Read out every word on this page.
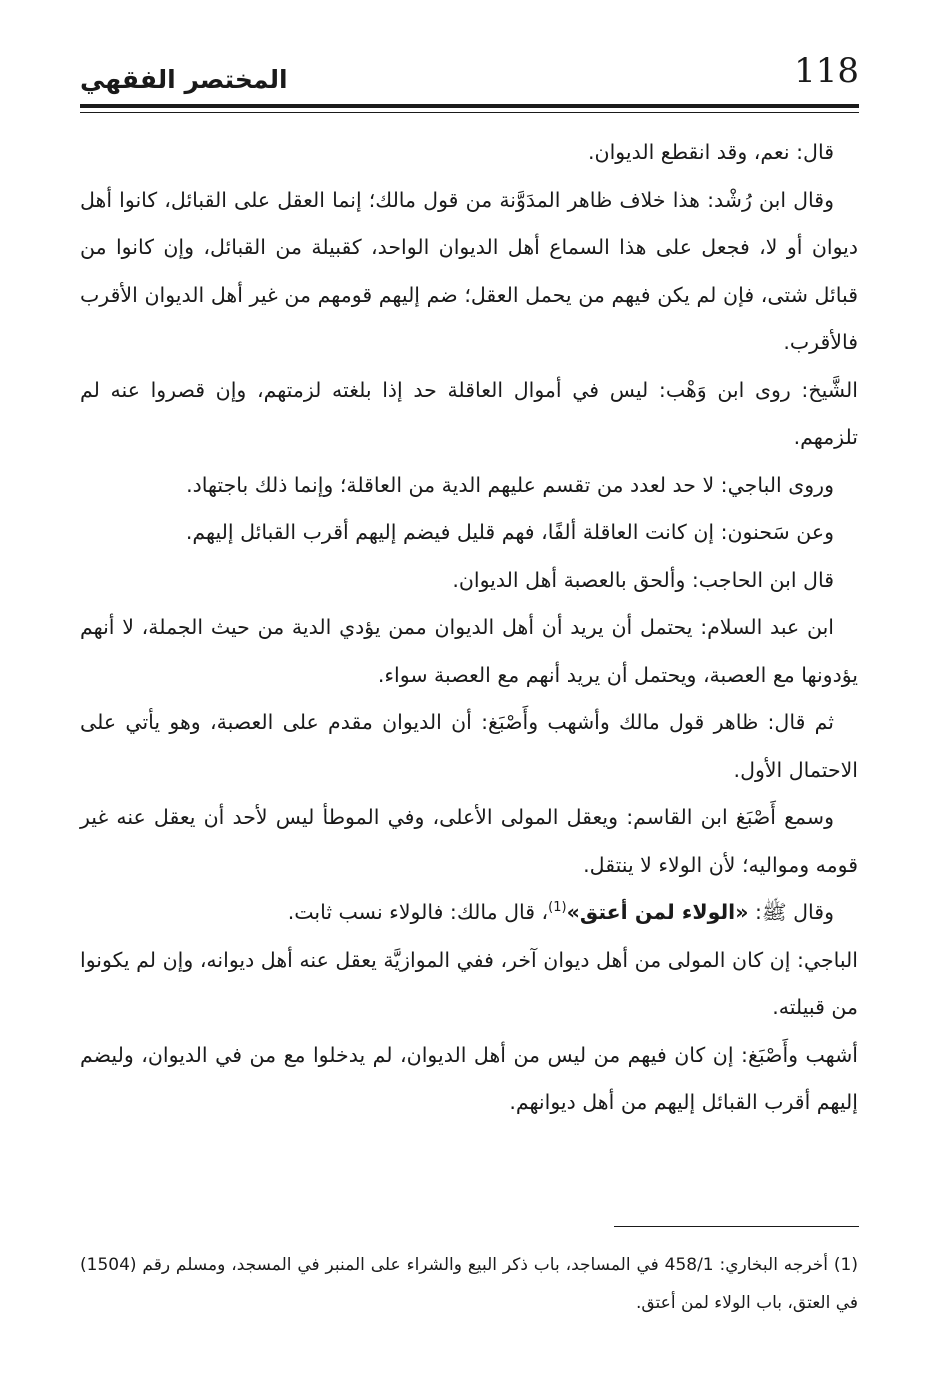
118
المختصر الفقهي

قال: نعم، وقد انقطع الديوان.

وقال ابن رُشْد: هذا خلاف ظاهر المدَوَّنة من قول مالك؛ إنما العقل على القبائل، كانوا أهل ديوان أو لا، فجعل على هذا السماع أهل الديوان الواحد، كقبيلة من القبائل، وإن كانوا من قبائل شتى، فإن لم يكن فيهم من يحمل العقل؛ ضم إليهم قومهم من غير أهل الديوان الأقرب فالأقرب.

الشَّيخ: روى ابن وَهْب: ليس في أموال العاقلة حد إذا بلغته لزمتهم، وإن قصروا عنه لم تلزمهم.

وروى الباجي: لا حد لعدد من تقسم عليهم الدية من العاقلة؛ وإنما ذلك باجتهاد.

وعن سَحنون: إن كانت العاقلة ألفًا، فهم قليل فيضم إليهم أقرب القبائل إليهم.

قال ابن الحاجب: وألحق بالعصبة أهل الديوان.

ابن عبد السلام: يحتمل أن يريد أن أهل الديوان ممن يؤدي الدية من حيث الجملة، لا أنهم يؤدونها مع العصبة، ويحتمل أن يريد أنهم مع العصبة سواء.

ثم قال: ظاهر قول مالك وأشهب وأَصْبَغ: أن الديوان مقدم على العصبة، وهو يأتي على الاحتمال الأول.

وسمع أَصْبَغ ابن القاسم: ويعقل المولى الأعلى، وفي الموطأ ليس لأحد أن يعقل عنه غير قومه ومواليه؛ لأن الولاء لا ينتقل.

وقال ﷺ: «الولاء لمن أعتق»$^{(1)}$، قال مالك: فالولاء نسب ثابت.

الباجي: إن كان المولى من أهل ديوان آخر، ففي الموازيَّة يعقل عنه أهل ديوانه، وإن لم يكونوا من قبيلته.

أشهب وأَصْبَغ: إن كان فيهم من ليس من أهل الديوان، لم يدخلوا مع من في الديوان، وليضم إليهم أقرب القبائل إليهم من أهل ديوانهم.

(1) أخرجه البخاري: 458/1 في المساجد، باب ذكر البيع والشراء على المنبر في المسجد، ومسلم رقم (1504) في العتق، باب الولاء لمن أعتق.
